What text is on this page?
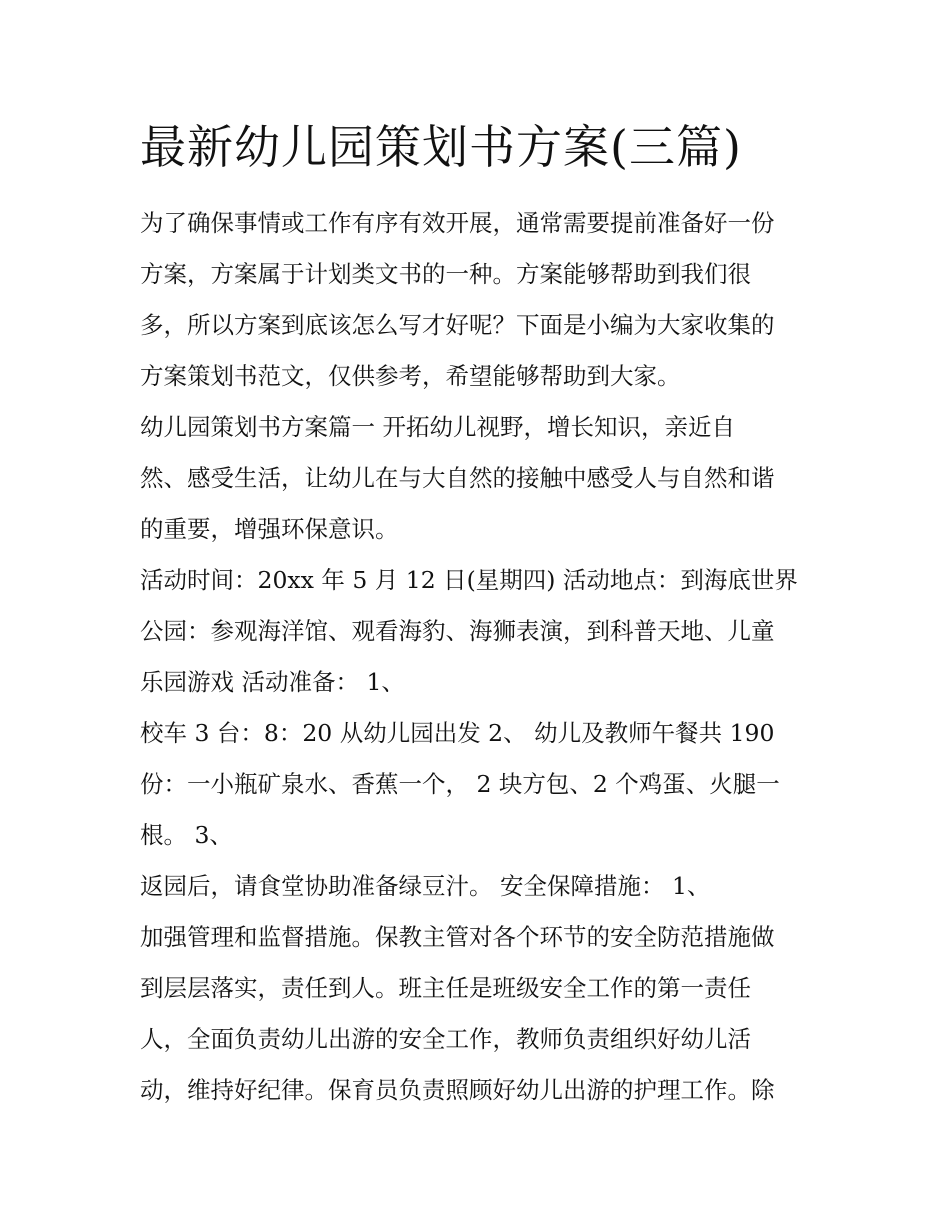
最新幼儿园策划书方案(三篇)
为了确保事情或工作有序有效开展，通常需要提前准备好一份
方案，方案属于计划类文书的一种。方案能够帮助到我们很
多，所以方案到底该怎么写才好呢？下面是小编为大家收集的
方案策划书范文，仅供参考，希望能够帮助到大家。
幼儿园策划书方案篇一 开拓幼儿视野，增长知识，亲近自
然、感受生活，让幼儿在与大自然的接触中感受人与自然和谐
的重要，增强环保意识。
活动时间：20xx 年 5 月 12 日(星期四) 活动地点：到海底世界
公园：参观海洋馆、观看海豹、海狮表演，到科普天地、儿童
乐园游戏 活动准备： 1、
校车 3 台：8：20 从幼儿园出发 2、 幼儿及教师午餐共 190
份：一小瓶矿泉水、香蕉一个， 2 块方包、2 个鸡蛋、火腿一
根。 3、
返园后，请食堂协助准备绿豆汁。 安全保障措施： 1、
加强管理和监督措施。保教主管对各个环节的安全防范措施做
到层层落实，责任到人。班主任是班级安全工作的第一责任
人，全面负责幼儿出游的安全工作，教师负责组织好幼儿活
动，维持好纪律。保育员负责照顾好幼儿出游的护理工作。除
